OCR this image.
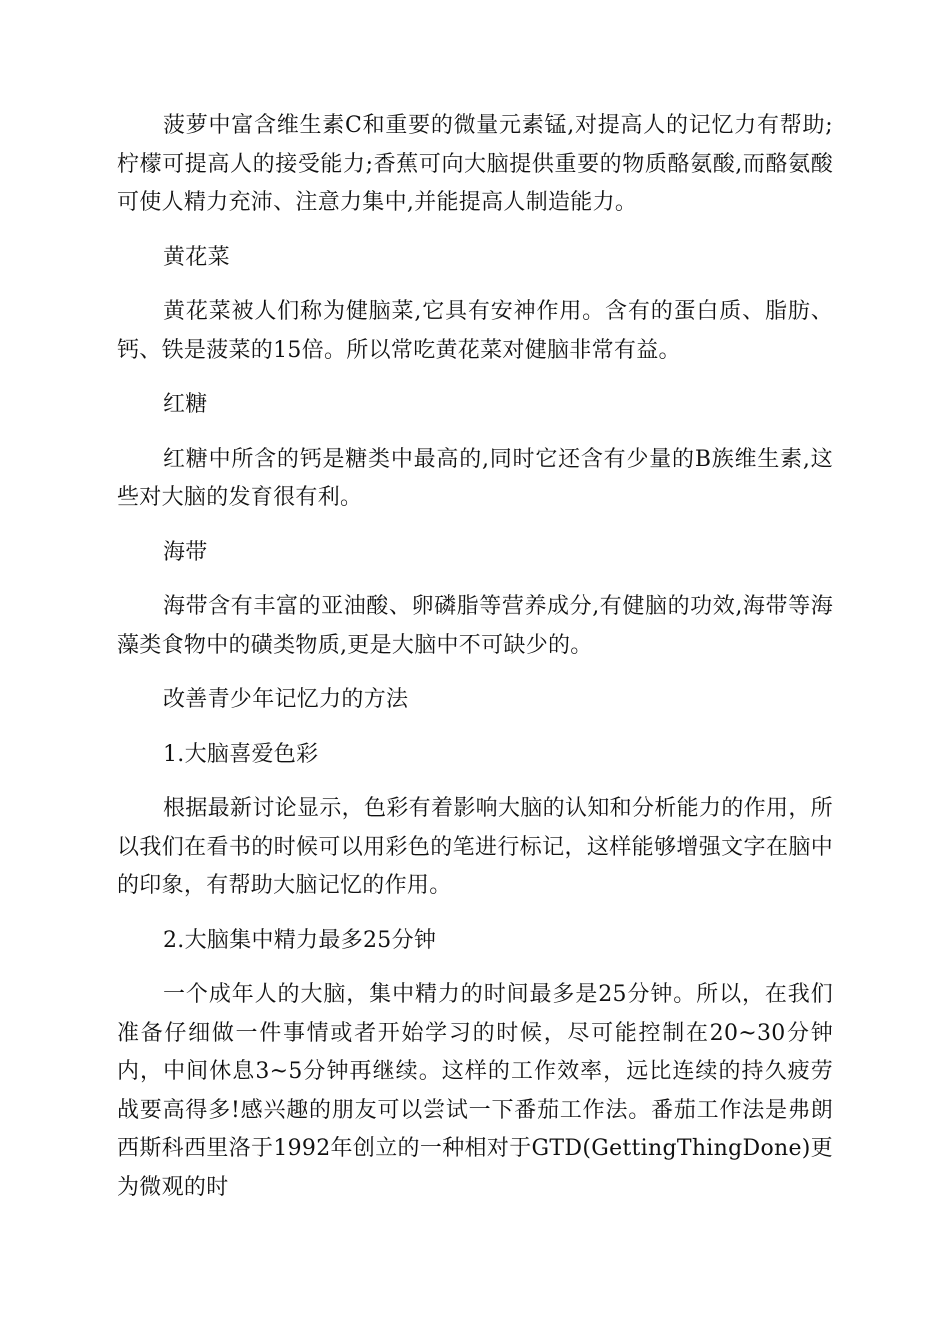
菠萝中富含维生素C和重要的微量元素锰,对提高人的记忆力有帮助;柠檬可提高人的接受能力;香蕉可向大脑提供重要的物质酪氨酸,而酪氨酸可使人精力充沛、注意力集中,并能提高人制造能力。

黄花菜

黄花菜被人们称为健脑菜,它具有安神作用。含有的蛋白质、脂肪、钙、铁是菠菜的15倍。所以常吃黄花菜对健脑非常有益。

红糖

红糖中所含的钙是糖类中最高的,同时它还含有少量的B族维生素,这些对大脑的发育很有利。

海带

海带含有丰富的亚油酸、卵磷脂等营养成分,有健脑的功效,海带等海藻类食物中的磺类物质,更是大脑中不可缺少的。

改善青少年记忆力的方法

1.大脑喜爱色彩

根据最新讨论显示，色彩有着影响大脑的认知和分析能力的作用，所以我们在看书的时候可以用彩色的笔进行标记，这样能够增强文字在脑中的印象，有帮助大脑记忆的作用。

2.大脑集中精力最多25分钟

一个成年人的大脑，集中精力的时间最多是25分钟。所以，在我们准备仔细做一件事情或者开始学习的时候，尽可能控制在20~30分钟内，中间休息3~5分钟再继续。这样的工作效率，远比连续的持久疲劳战要高得多!感兴趣的朋友可以尝试一下番茄工作法。番茄工作法是弗朗西斯科西里洛于1992年创立的一种相对于GTD(GettingThingDone)更为微观的时
